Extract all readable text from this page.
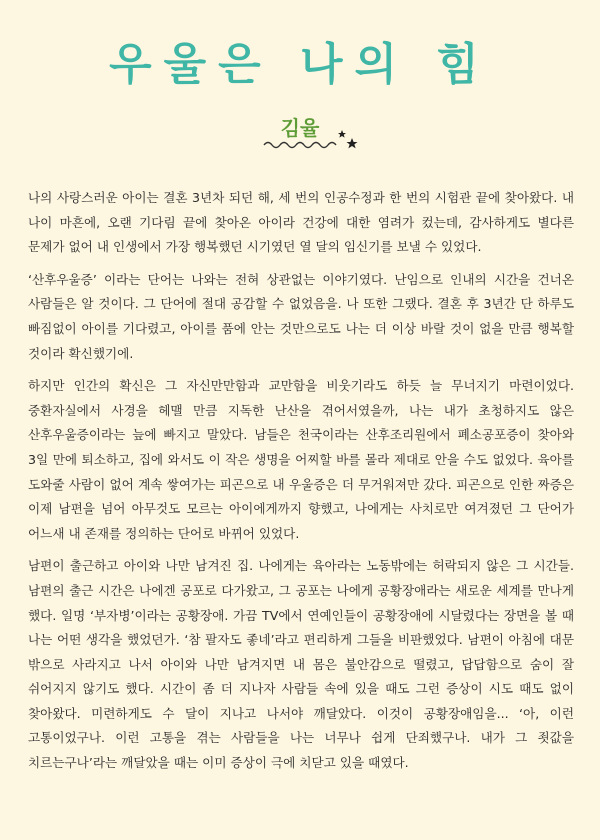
우울은 나의 힘
김율

나의 사랑스러운 아이는 결혼 3년차 되던 해, 세 번의 인공수정과 한 번의 시험관 끝에 찾아왔다. 내 나이 마흔에, 오랜 기다림 끝에 찾아온 아이라 건강에 대한 염려가 컸는데, 감사하게도 별다른 문제가 없어 내 인생에서 가장 행복했던 시기였던 열 달의 임신기를 보낼 수 있었다.

‘산후우울증’ 이라는 단어는 나와는 전혀 상관없는 이야기였다. 난임으로 인내의 시간을 건너온 사람들은 알 것이다. 그 단어에 절대 공감할 수 없었음을. 나 또한 그랬다. 결혼 후 3년간 단 하루도 빠짐없이 아이를 기다렸고, 아이를 품에 안는 것만으로도 나는 더 이상 바랄 것이 없을 만큼 행복할 것이라 확신했기에.

하지만 인간의 확신은 그 자신만만함과 교만함을 비웃기라도 하듯 늘 무너지기 마련이었다. 중환자실에서 사경을 헤맬 만큼 지독한 난산을 겪어서였을까, 나는 내가 초청하지도 않은 산후우울증이라는 늪에 빠지고 말았다. 남들은 천국이라는 산후조리원에서 폐소공포증이 찾아와 3일 만에 퇴소하고, 집에 와서도 이 작은 생명을 어찌할 바를 몰라 제대로 안을 수도 없었다. 육아를 도와줄 사람이 없어 계속 쌓여가는 피곤으로 내 우울증은 더 무거워져만 갔다. 피곤으로 인한 짜증은 이제 남편을 넘어 아무것도 모르는 아이에게까지 향했고, 나에게는 사치로만 여겨졌던 그 단어가 어느새 내 존재를 정의하는 단어로 바뀌어 있었다.

남편이 출근하고 아이와 나만 남겨진 집. 나에게는 육아라는 노동밖에는 허락되지 않은 그 시간들. 남편의 출근 시간은 나에겐 공포로 다가왔고, 그 공포는 나에게 공황장애라는 새로운 세계를 만나게 했다. 일명 ‘부자병’이라는 공황장애. 가끔 TV에서 연예인들이 공황장애에 시달렸다는 장면을 볼 때 나는 어떤 생각을 했었던가. ‘참 팔자도 좋네’라고 편리하게 그들을 비판했었다. 남편이 아침에 대문 밖으로 사라지고 나서 아이와 나만 남겨지면 내 몸은 불안감으로 떨렸고, 답답함으로 숨이 잘 쉬어지지 않기도 했다. 시간이 좀 더 지나자 사람들 속에 있을 때도 그런 증상이 시도 때도 없이 찾아왔다. 미련하게도 수 달이 지나고 나서야 깨달았다. 이것이 공황장애임을... ‘아, 이런 고통이었구나. 이런 고통을 겪는 사람들을 나는 너무나 쉽게 단죄했구나. 내가 그 죗값을 치르는구나’라는 깨달았을 때는 이미 증상이 극에 치닫고 있을 때였다.
